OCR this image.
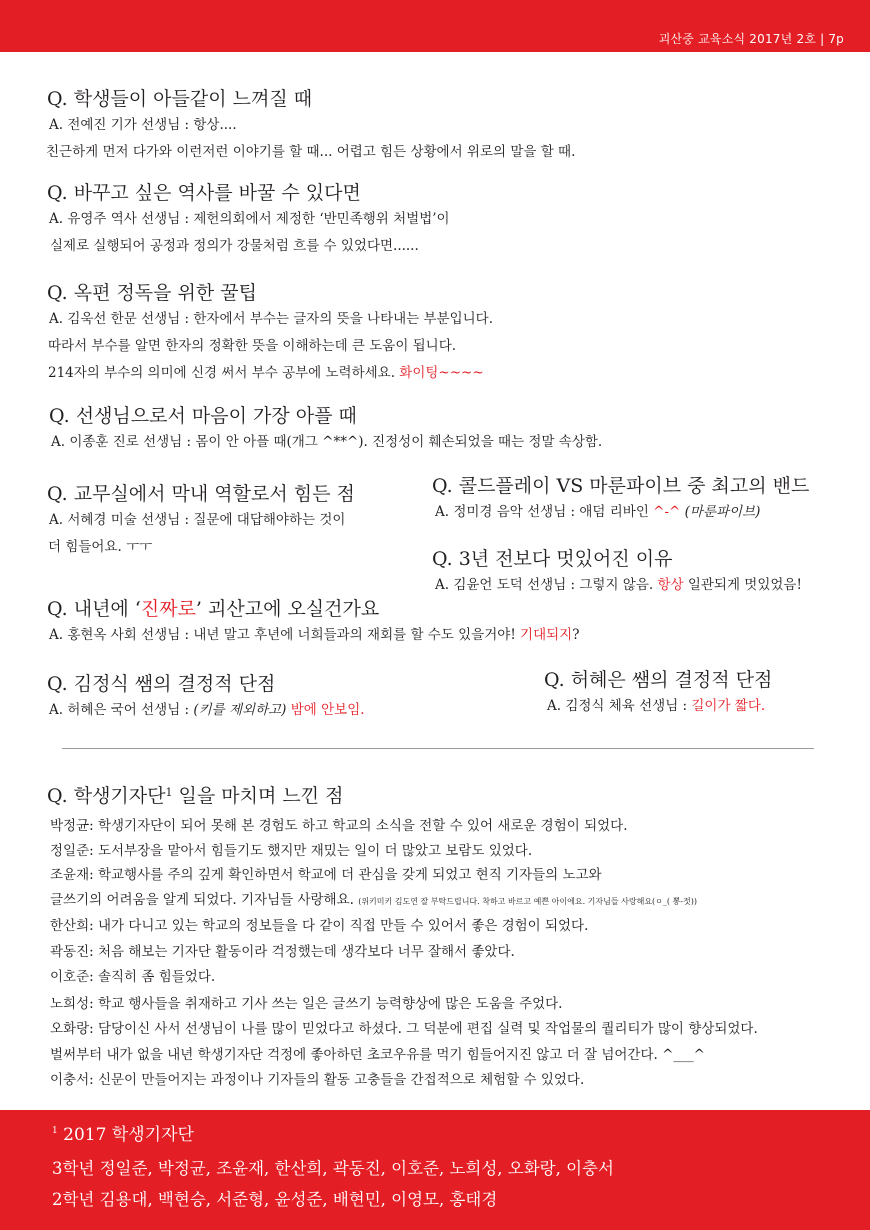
괴산중 교육소식 2017년 2호 | 7p
Q. 학생들이 아들같이 느껴질 때
A. 전예진 기가 선생님 : 항상....
친근하게 먼저 다가와 이런저런 이야기를 할 때... 어렵고 힘든 상황에서 위로의 말을 할 때.
Q. 바꾸고 싶은 역사를 바꿀 수 있다면
A. 유영주 역사 선생님 : 제헌의회에서 제정한 ‘반민족행위 처벌법’이
실제로 실행되어 공정과 정의가 강물처럼 흐를 수 있었다면......
Q. 옥편 정독을 위한 꿀팁
A. 김욱선 한문 선생님 : 한자에서 부수는 글자의 뜻을 나타내는 부분입니다.
따라서 부수를 알면 한자의 정확한 뜻을 이해하는데 큰 도움이 됩니다.
214자의 부수의 의미에 신경 써서 부수 공부에 노력하세요. 화이팅~~~~
Q. 선생님으로서 마음이 가장 아플 때
A. 이종훈 진로 선생님 : 몸이 안 아플 때(개그 ^**^). 진정성이 훼손되었을 때는 정말 속상함.
Q. 교무실에서 막내 역할로서 힘든 점
A. 서혜경 미술 선생님 : 질문에 대답해야하는 것이
더 힘들어요. ㅜㅜ
Q. 콜드플레이 VS 마룬파이브 중 최고의 밴드
A. 정미경 음악 선생님 : 애덤 리바인 ^-^ (마룬파이브)
Q. 3년 전보다 멋있어진 이유
A. 김윤언 도덕 선생님 : 그렇지 않음. 항상 일관되게 멋있었음!
Q. 내년에 ‘진짜로’ 괴산고에 오실건가요
A. 홍현옥 사회 선생님 : 내년 말고 후년에 너희들과의 재회를 할 수도 있을거야! 기대되지?
Q. 김정식 쌤의 결정적 단점
A. 허혜은 국어 선생님 : (키를 제외하고) 밤에 안보임.
Q. 허혜은 쌤의 결정적 단점
A. 김정식 체육 선생님 : 길이가 짧다.
Q. 학생기자단$^1$ 일을 마치며 느낀 점
박정균: 학생기자단이 되어 못해 본 경험도 하고 학교의 소식을 전할 수 있어 새로운 경험이 되었다.
정일준: 도서부장을 맡아서 힘들기도 했지만 재밌는 일이 더 많았고 보람도 있었다.
조윤재: 학교행사를 주의 깊게 확인하면서 학교에 더 관심을 갖게 되었고 현직 기자들의 노고와
글쓰기의 어려움을 알게 되었다. 기자님들 사랑해요. (위키미키 김도연 잘 부탁드립니다. 착하고 바르고 예쁜 아이에요. 기자님들 사랑해요(ㅇ_( 뽕-젓))
한산희: 내가 다니고 있는 학교의 정보들을 다 같이 직접 만들 수 있어서 좋은 경험이 되었다.
곽동진: 처음 해보는 기자단 활동이라 걱정했는데 생각보다 너무 잘해서 좋았다.
이호준: 솔직히 좀 힘들었다.
노희성: 학교 행사들을 취재하고 기사 쓰는 일은 글쓰기 능력향상에 많은 도움을 주었다.
오화랑: 담당이신 사서 선생님이 나를 많이 믿었다고 하셨다. 그 덕분에 편집 실력 및 작업물의 퀄리티가 많이 향상되었다.
벌써부터 내가 없을 내년 학생기자단 걱정에 좋아하던 초코우유를 먹기 힘들어지진 않고 더 잘 넘어간다. ^___^
이충서: 신문이 만들어지는 과정이나 기자들의 활동 고충들을 간접적으로 체험할 수 있었다.
$^1$ 2017 학생기자단
3학년 정일준, 박정균, 조윤재, 한산희, 곽동진, 이호준, 노희성, 오화랑, 이충서
2학년 김용대, 백현승, 서준형, 윤성준, 배현민, 이영모, 홍태경
